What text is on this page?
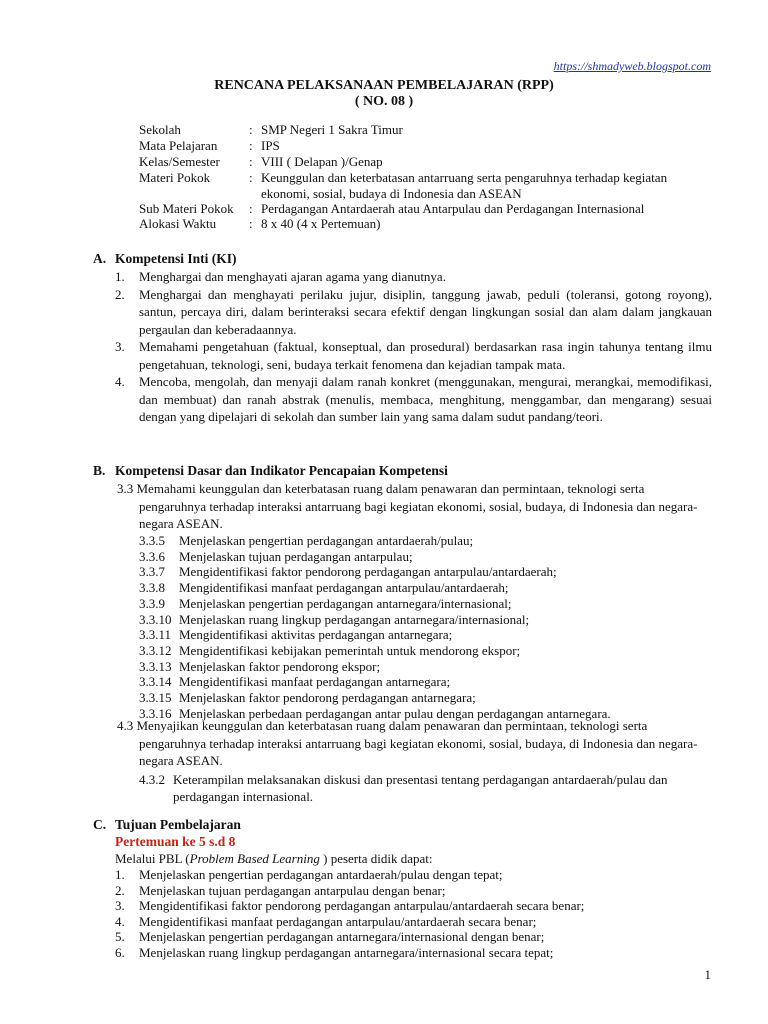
https://shmadyweb.blogspot.com
RENCANA PELAKSANAAN PEMBELAJARAN (RPP)
( NO. 08 )
Sekolah	: SMP Negeri 1 Sakra Timur
Mata Pelajaran : IPS
Kelas/Semester : VIII ( Delapan )/Genap
Materi Pokok	: Keunggulan dan keterbatasan antarruang serta pengaruhnya terhadap kegiatan ekonomi, sosial, budaya di Indonesia dan ASEAN
Sub Materi Pokok : Perdagangan Antardaerah atau Antarpulau dan Perdagangan Internasional
Alokasi Waktu	: 8 x 40 (4 x Pertemuan)
A. Kompetensi Inti (KI)
1. Menghargai dan menghayati ajaran agama yang dianutnya.
2. Menghargai dan menghayati perilaku jujur, disiplin, tanggung jawab, peduli (toleransi, gotong royong), santun, percaya diri, dalam berinteraksi secara efektif dengan lingkungan sosial dan alam dalam jangkauan pergaulan dan keberadaannya.
3. Memahami pengetahuan (faktual, konseptual, dan prosedural) berdasarkan rasa ingin tahunya tentang ilmu pengetahuan, teknologi, seni, budaya terkait fenomena dan kejadian tampak mata.
4. Mencoba, mengolah, dan menyaji dalam ranah konkret (menggunakan, mengurai, merangkai, memodifikasi, dan membuat) dan ranah abstrak (menulis, membaca, menghitung, menggambar, dan mengarang) sesuai dengan yang dipelajari di sekolah dan sumber lain yang sama dalam sudut pandang/teori.
B. Kompetensi Dasar dan Indikator Pencapaian Kompetensi
3.3 Memahami keunggulan dan keterbatasan ruang dalam penawaran dan permintaan, teknologi serta pengaruhnya terhadap interaksi antarruang bagi kegiatan ekonomi, sosial, budaya, di Indonesia dan negara-negara ASEAN.
3.3.5 Menjelaskan pengertian perdagangan antardaerah/pulau;
3.3.6 Menjelaskan tujuan perdagangan antarpulau;
3.3.7 Mengidentifikasi faktor pendorong perdagangan antarpulau/antardaerah;
3.3.8 Mengidentifikasi manfaat perdagangan antarpulau/antardaerah;
3.3.9 Menjelaskan pengertian perdagangan antarnegara/internasional;
3.3.10 Menjelaskan ruang lingkup perdagangan antarnegara/internasional;
3.3.11 Mengidentifikasi aktivitas perdagangan antarnegara;
3.3.12 Mengidentifikasi kebijakan pemerintah untuk mendorong ekspor;
3.3.13 Menjelaskan faktor pendorong ekspor;
3.3.14 Mengidentifikasi manfaat perdagangan antarnegara;
3.3.15 Menjelaskan faktor pendorong perdagangan antarnegara;
3.3.16 Menjelaskan perbedaan perdagangan antar pulau dengan perdagangan antarnegara.
4.3 Menyajikan keunggulan dan keterbatasan ruang dalam penawaran dan permintaan, teknologi serta pengaruhnya terhadap interaksi antarruang bagi kegiatan ekonomi, sosial, budaya, di Indonesia dan negara-negara ASEAN.
4.3.2 Keterampilan melaksanakan diskusi dan presentasi tentang perdagangan antardaerah/pulau dan perdagangan internasional.
C. Tujuan Pembelajaran
Pertemuan ke 5 s.d 8
Melalui PBL (Problem Based Learning ) peserta didik dapat:
1. Menjelaskan pengertian perdagangan antardaerah/pulau dengan tepat;
2. Menjelaskan tujuan perdagangan antarpulau dengan benar;
3. Mengidentifikasi faktor pendorong perdagangan antarpulau/antardaerah secara benar;
4. Mengidentifikasi manfaat perdagangan antarpulau/antardaerah secara benar;
5. Menjelaskan pengertian perdagangan antarnegara/internasional dengan benar;
6. Menjelaskan ruang lingkup perdagangan antarnegara/internasional secara tepat;
1
